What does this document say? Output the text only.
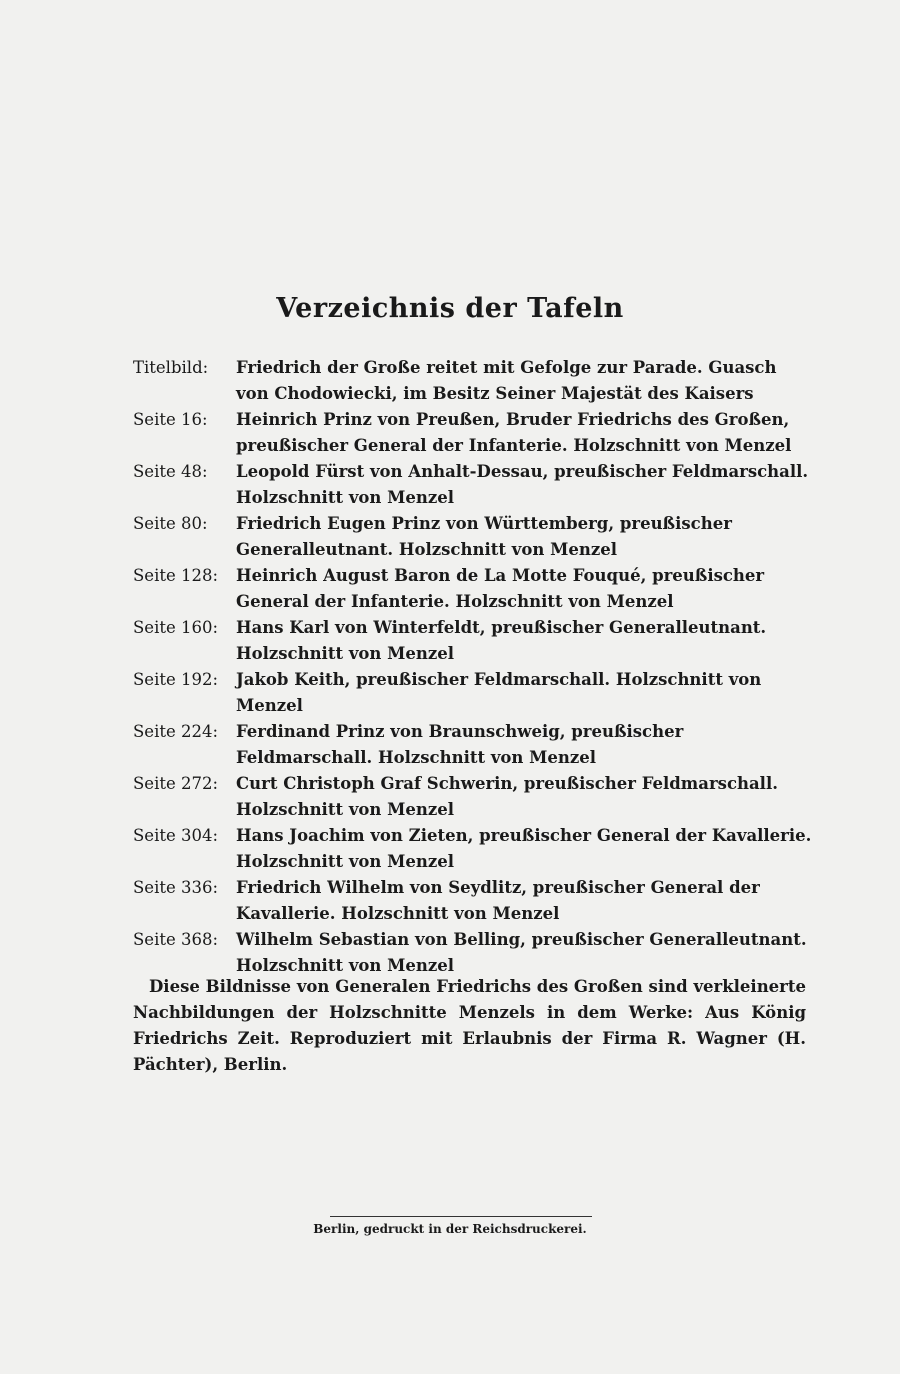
Verzeichnis der Tafeln
Titelbild:	Friedrich der Große reitet mit Gefolge zur Parade. Guasch von Chodowiecki, im Besitz Seiner Majestät des Kaisers
Seite 16:	Heinrich Prinz von Preußen, Bruder Friedrichs des Großen, preußischer General der Infanterie. Holzschnitt von Menzel
Seite 48:	Leopold Fürst von Anhalt-Dessau, preußischer Feldmarschall. Holzschnitt von Menzel
Seite 80:	Friedrich Eugen Prinz von Württemberg, preußischer Generalleutnant. Holzschnitt von Menzel
Seite 128:	Heinrich August Baron de La Motte Fouqué, preußischer General der Infanterie. Holzschnitt von Menzel
Seite 160:	Hans Karl von Winterfeldt, preußischer Generalleutnant. Holzschnitt von Menzel
Seite 192:	Jakob Keith, preußischer Feldmarschall. Holzschnitt von Menzel
Seite 224:	Ferdinand Prinz von Braunschweig, preußischer Feldmarschall. Holzschnitt von Menzel
Seite 272:	Curt Christoph Graf Schwerin, preußischer Feldmarschall. Holzschnitt von Menzel
Seite 304:	Hans Joachim von Zieten, preußischer General der Kavallerie. Holzschnitt von Menzel
Seite 336:	Friedrich Wilhelm von Seydlitz, preußischer General der Kavallerie. Holzschnitt von Menzel
Seite 368:	Wilhelm Sebastian von Belling, preußischer Generalleutnant. Holzschnitt von Menzel
Diese Bildnisse von Generalen Friedrichs des Großen sind verkleinerte Nachbildungen der Holzschnitte Menzels in dem Werke: Aus König Friedrichs Zeit. Reproduziert mit Erlaubnis der Firma R. Wagner (H. Pächter), Berlin.
Berlin, gedruckt in der Reichsdruckerei.
